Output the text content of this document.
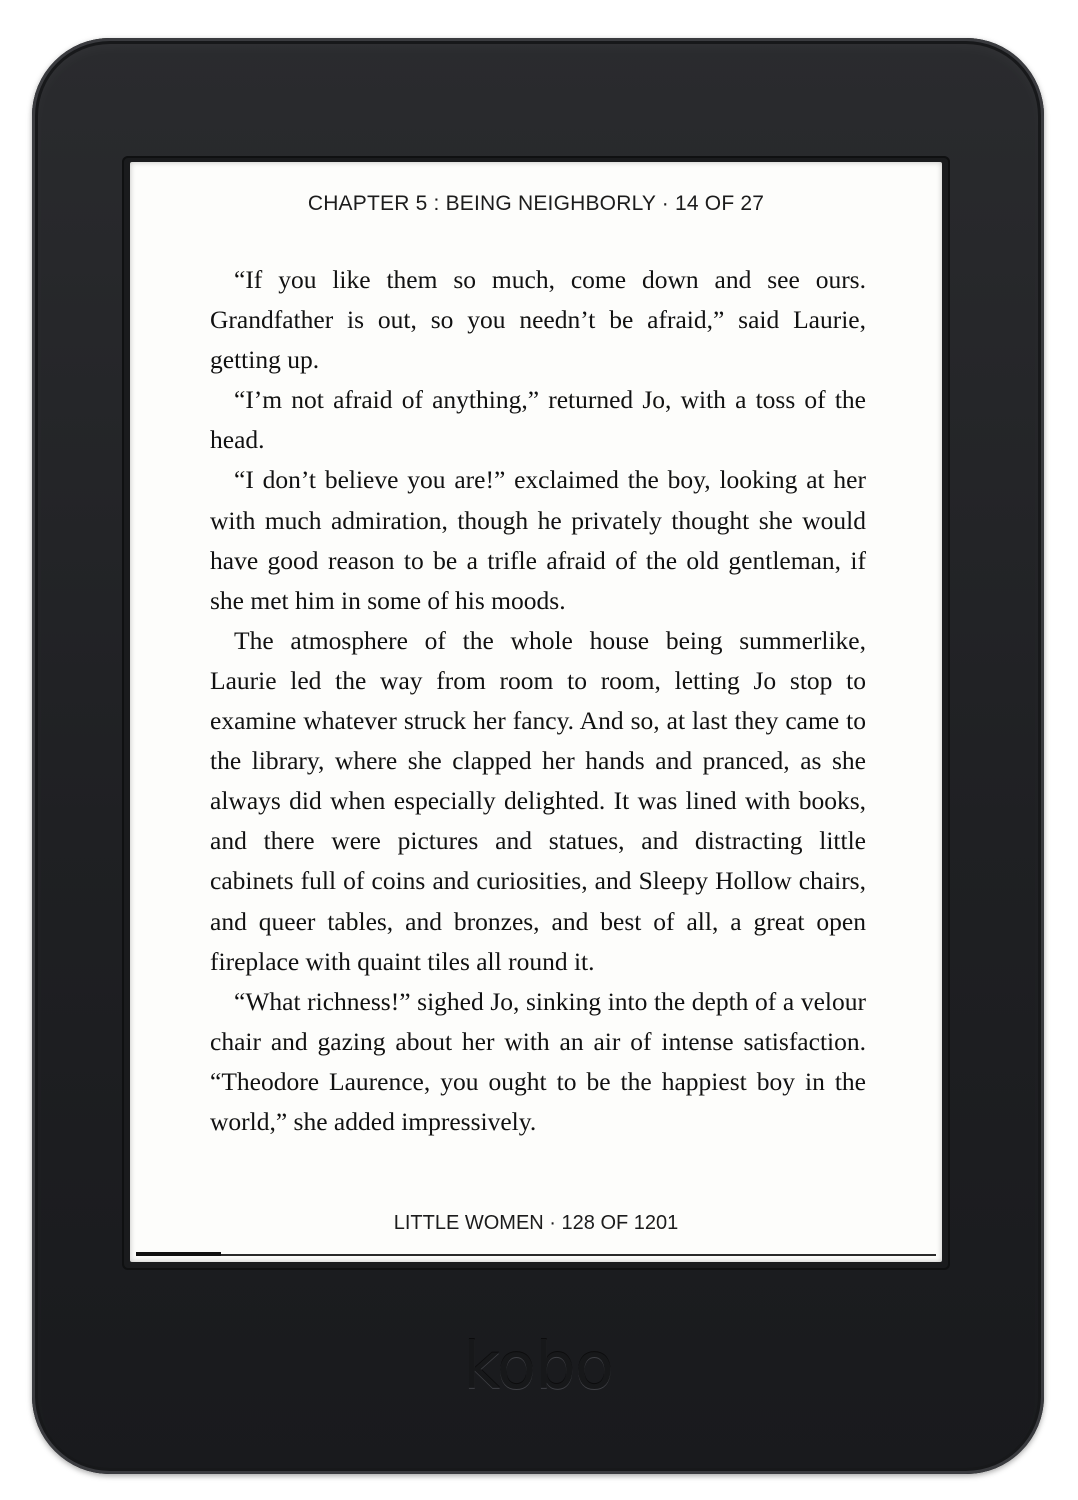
CHAPTER 5 : BEING NEIGHBORLY · 14 OF 27

“If you like them so much, come down and see ours. Grandfather is out, so you needn’t be afraid,” said Laurie, getting up.

“I’m not afraid of anything,” returned Jo, with a toss of the head.

“I don’t believe you are!” exclaimed the boy, looking at her with much admiration, though he privately thought she would have good reason to be a trifle afraid of the old gentleman, if she met him in some of his moods.

The atmosphere of the whole house being summerlike, Laurie led the way from room to room, letting Jo stop to examine whatever struck her fancy. And so, at last they came to the library, where she clapped her hands and pranced, as she always did when especially delighted. It was lined with books, and there were pictures and statues, and distracting little cabinets full of coins and curiosities, and Sleepy Hollow chairs, and queer tables, and bronzes, and best of all, a great open fireplace with quaint tiles all round it.

“What richness!” sighed Jo, sinking into the depth of a velour chair and gazing about her with an air of intense satisfaction. “Theodore Laurence, you ought to be the happiest boy in the world,” she added impressively.

LITTLE WOMEN · 128 OF 1201
kobo
